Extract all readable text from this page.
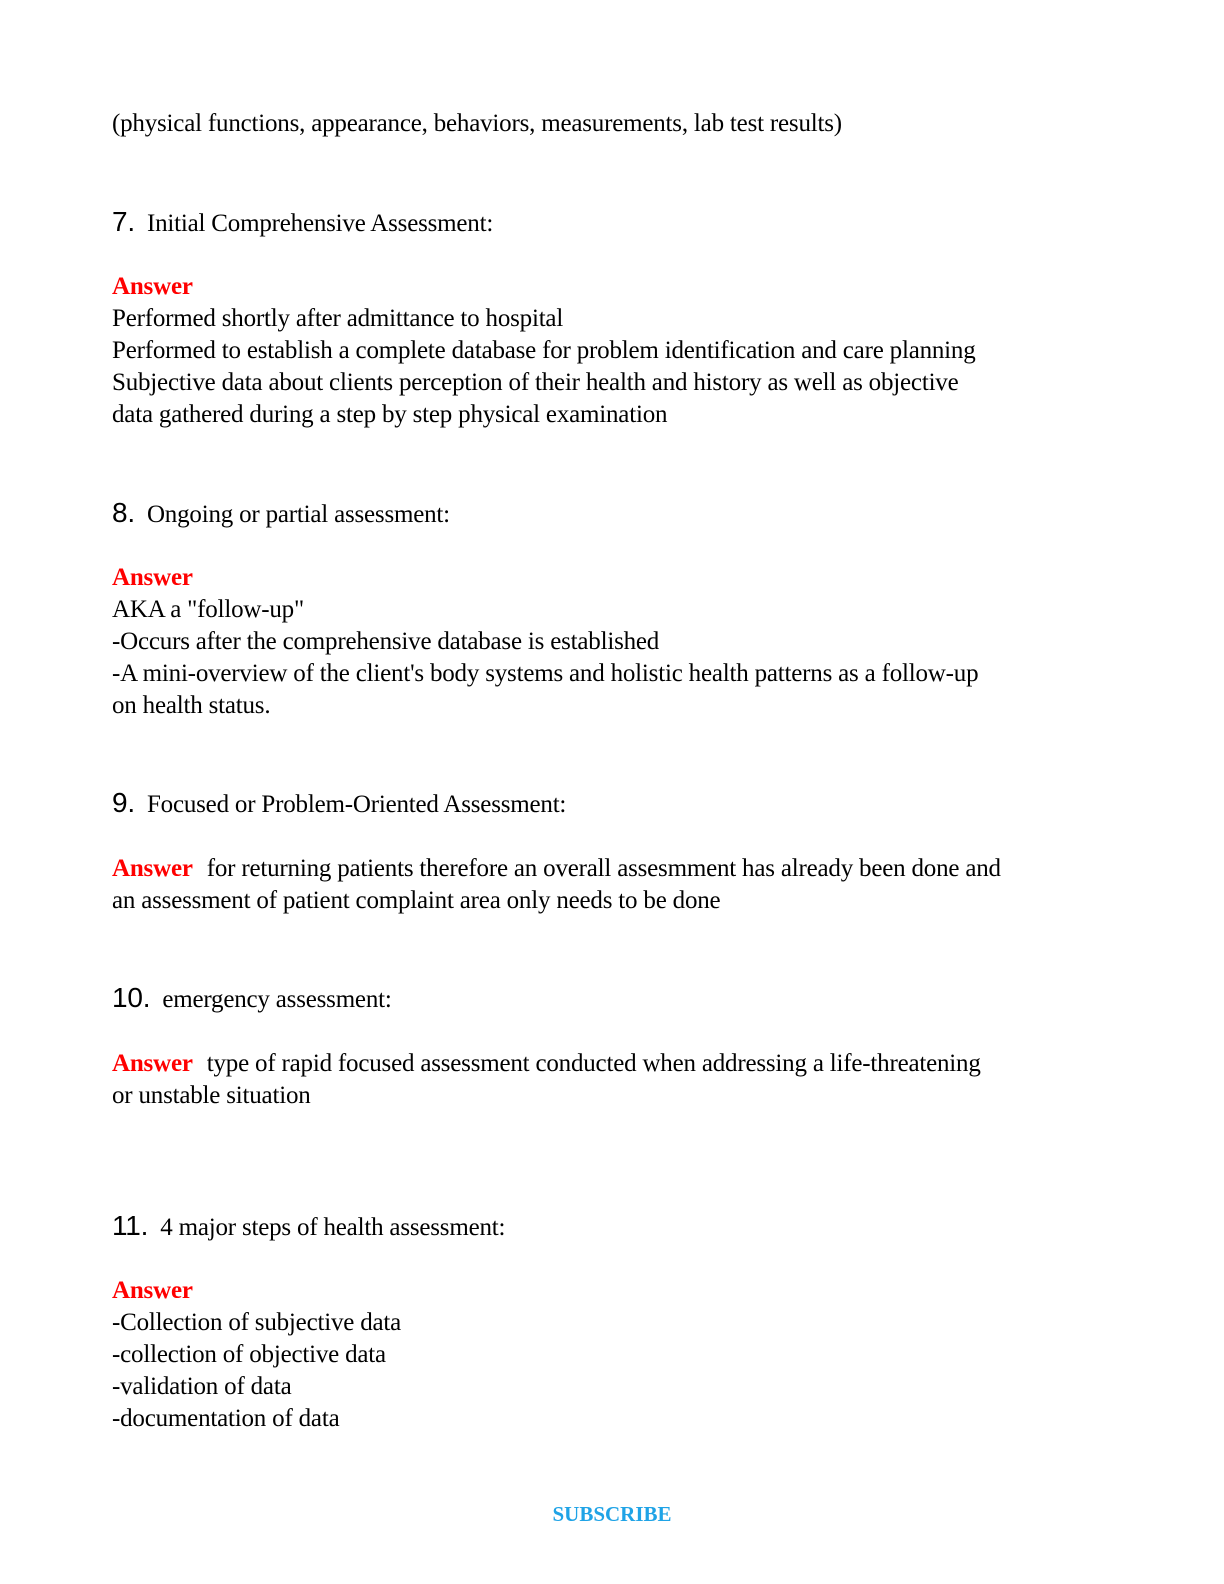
(physical functions, appearance, behaviors, measurements, lab test results)
7. Initial Comprehensive Assessment:
Answer
Performed shortly after admittance to hospital
Performed to establish a complete database for problem identification and care planning
Subjective data about clients perception of their health and history as well as objective
data gathered during a step by step physical examination
8. Ongoing or partial assessment:
Answer
AKA a "follow-up"
-Occurs after the comprehensive database is established
-A mini-overview of the client's body systems and holistic health patterns as a follow-up
on health status.
9. Focused or Problem-Oriented Assessment:
Answer for returning patients therefore an overall assesmment has already been done and
an assessment of patient complaint area only needs to be done
10. emergency assessment:
Answer type of rapid focused assessment conducted when addressing a life-threatening
or unstable situation
11. 4 major steps of health assessment:
Answer
-Collection of subjective data
-collection of objective data
-validation of data
-documentation of data
SUBSCRIBE
